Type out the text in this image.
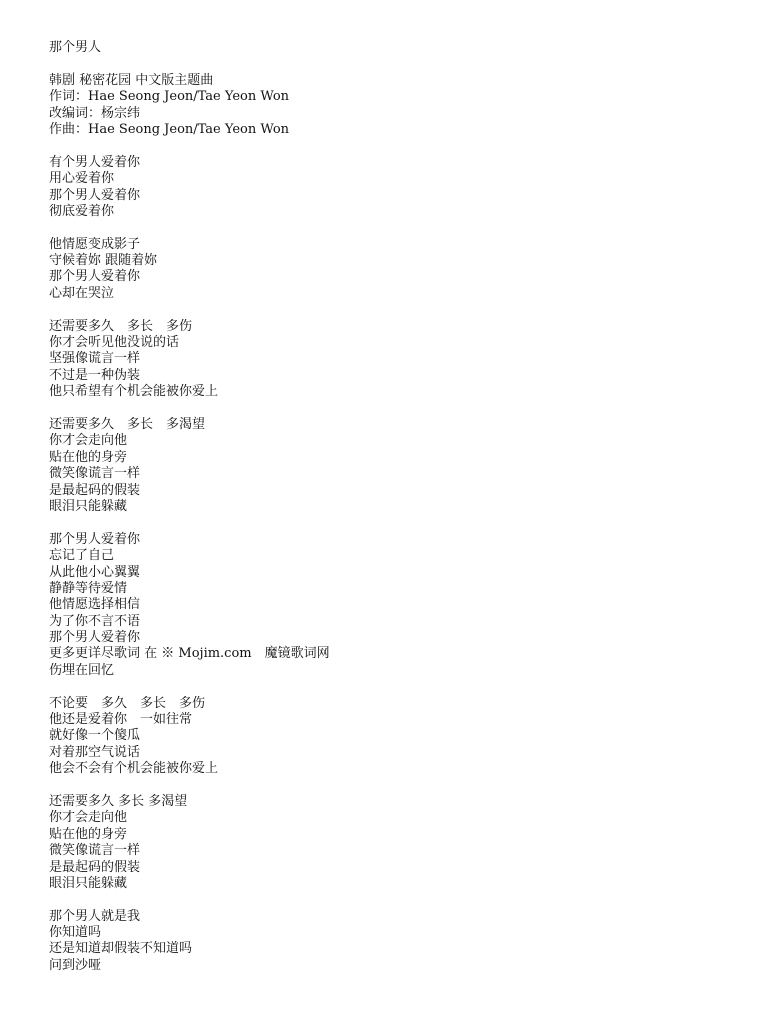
那个男人
韩剧 秘密花园 中文版主题曲
作词：Hae Seong Jeon/Tae Yeon Won
改编词：杨宗纬
作曲：Hae Seong Jeon/Tae Yeon Won
有个男人爱着你
用心爱着你
那个男人爱着你
彻底爱着你
他情愿变成影子
守候着妳 跟随着妳
那个男人爱着你
心却在哭泣
还需要多久　多长　多伤
你才会听见他没说的话
坚强像谎言一样
不过是一种伪装
他只希望有个机会能被你爱上
还需要多久　多长　多渴望
你才会走向他
贴在他的身旁
微笑像谎言一样
是最起码的假装
眼泪只能躲藏
那个男人爱着你
忘记了自己
从此他小心翼翼
静静等待爱情
他情愿选择相信
为了你不言不语
那个男人爱着你
更多更详尽歌词 在 ※ Mojim.com　魔镜歌词网
伤埋在回忆
不论要　多久　多长　多伤
他还是爱着你　一如往常
就好像一个傻瓜
对着那空气说话
他会不会有个机会能被你爱上
还需要多久 多长 多渴望
你才会走向他
贴在他的身旁
微笑像谎言一样
是最起码的假装
眼泪只能躲藏
那个男人就是我
你知道吗
还是知道却假装不知道吗
问到沙哑
